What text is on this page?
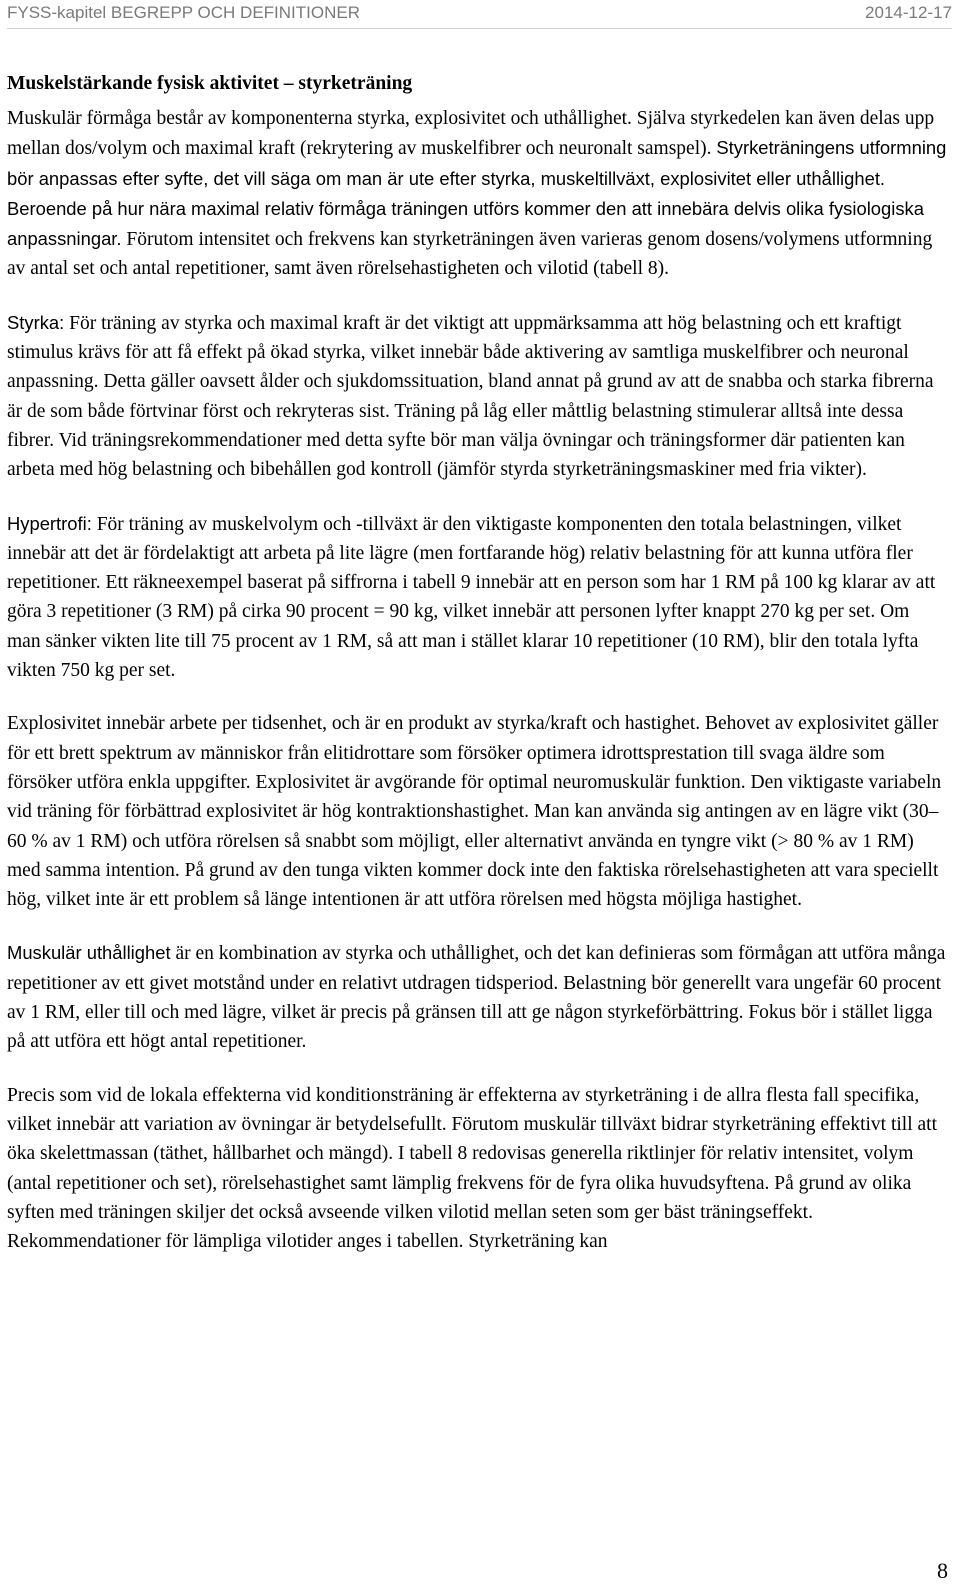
FYSS-kapitel BEGREPP OCH DEFINITIONER	2014-12-17
Muskelstärkande fysisk aktivitet – styrketräning

Muskulär förmåga består av komponenterna styrka, explosivitet och uthållighet. Själva styrkedelen kan även delas upp mellan dos/volym och maximal kraft (rekrytering av muskelfibrer och neuronalt samspel). Styrketräningens utformning bör anpassas efter syfte, det vill säga om man är ute efter styrka, muskeltillväxt, explosivitet eller uthållighet. Beroende på hur nära maximal relativ förmåga träningen utförs kommer den att innebära delvis olika fysiologiska anpassningar. Förutom intensitet och frekvens kan styrketräningen även varieras genom dosens/volymens utformning av antal set och antal repetitioner, samt även rörelsehastigheten och vilotid (tabell 8).

Styrka: För träning av styrka och maximal kraft är det viktigt att uppmärksamma att hög belastning och ett kraftigt stimulus krävs för att få effekt på ökad styrka, vilket innebär både aktivering av samtliga muskelfibrer och neuronal anpassning. Detta gäller oavsett ålder och sjukdomssituation, bland annat på grund av att de snabba och starka fibrerna är de som både förtvinar först och rekryteras sist. Träning på låg eller måttlig belastning stimulerar alltså inte dessa fibrer. Vid träningsrekommendationer med detta syfte bör man välja övningar och träningsformer där patienten kan arbeta med hög belastning och bibehållen god kontroll (jämför styrda styrketräningsmaskiner med fria vikter).

Hypertrofi: För träning av muskelvolym och -tillväxt är den viktigaste komponenten den totala belastningen, vilket innebär att det är fördelaktigt att arbeta på lite lägre (men fortfarande hög) relativ belastning för att kunna utföra fler repetitioner. Ett räkneexempel baserat på siffrorna i tabell 9 innebär att en person som har 1 RM på 100 kg klarar av att göra 3 repetitioner (3 RM) på cirka 90 procent = 90 kg, vilket innebär att personen lyfter knappt 270 kg per set. Om man sänker vikten lite till 75 procent av 1 RM, så att man i stället klarar 10 repetitioner (10 RM), blir den totala lyfta vikten 750 kg per set.

Explosivitet innebär arbete per tidsenhet, och är en produkt av styrka/kraft och hastighet. Behovet av explosivitet gäller för ett brett spektrum av människor från elitidrottare som försöker optimera idrottsprestation till svaga äldre som försöker utföra enkla uppgifter. Explosivitet är avgörande för optimal neuromuskulär funktion. Den viktigaste variabeln vid träning för förbättrad explosivitet är hög kontraktionshastighet. Man kan använda sig antingen av en lägre vikt (30–60 % av 1 RM) och utföra rörelsen så snabbt som möjligt, eller alternativt använda en tyngre vikt (> 80 % av 1 RM) med samma intention. På grund av den tunga vikten kommer dock inte den faktiska rörelsehastigheten att vara speciellt hög, vilket inte är ett problem så länge intentionen är att utföra rörelsen med högsta möjliga hastighet.

Muskulär uthållighet är en kombination av styrka och uthållighet, och det kan definieras som förmågan att utföra många repetitioner av ett givet motstånd under en relativt utdragen tidsperiod. Belastning bör generellt vara ungefär 60 procent av 1 RM, eller till och med lägre, vilket är precis på gränsen till att ge någon styrkeförbättring. Fokus bör i stället ligga på att utföra ett högt antal repetitioner.

Precis som vid de lokala effekterna vid konditionsträning är effekterna av styrketräning i de allra flesta fall specifika, vilket innebär att variation av övningar är betydelsefullt. Förutom muskulär tillväxt bidrar styrketräning effektivt till att öka skelettmassan (täthet, hållbarhet och mängd). I tabell 8 redovisas generella riktlinjer för relativ intensitet, volym (antal repetitioner och set), rörelsehastighet samt lämplig frekvens för de fyra olika huvudsyftena. På grund av olika syften med träningen skiljer det också avseende vilken vilotid mellan seten som ger bäst träningseffekt. Rekommendationer för lämpliga vilotider anges i tabellen. Styrketräning kan

8
